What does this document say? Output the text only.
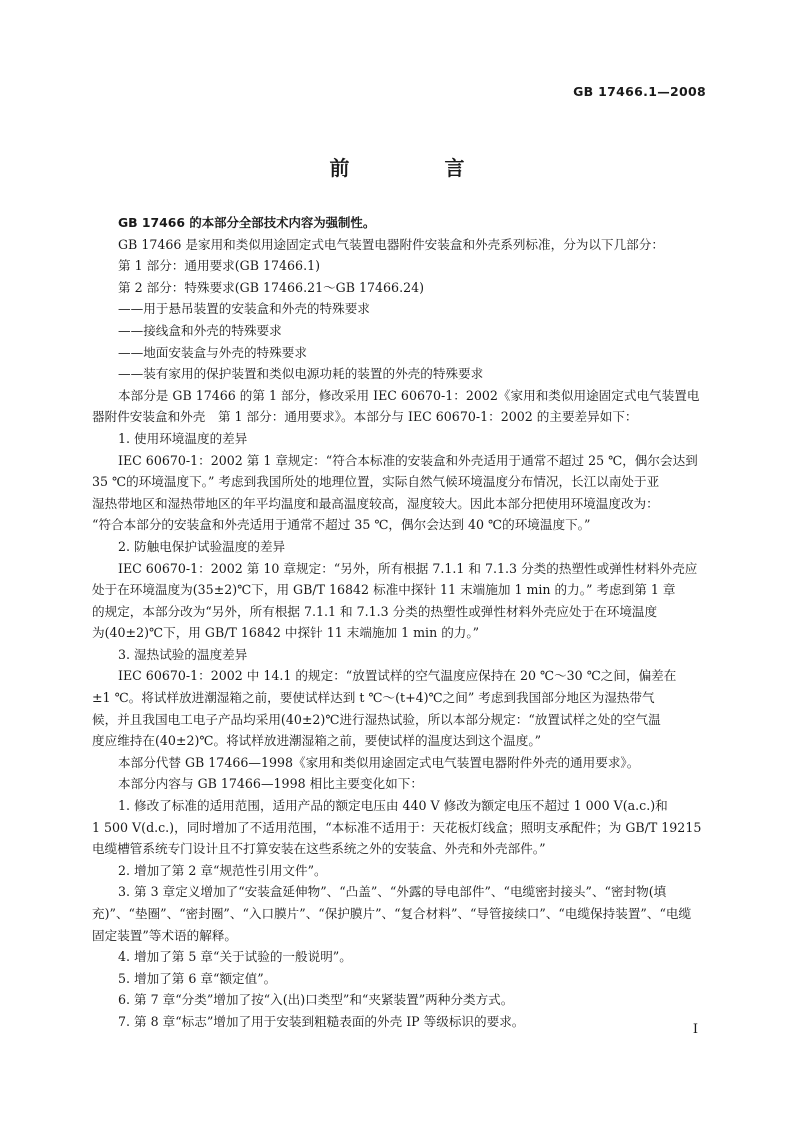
GB 17466.1—2008
前 言

GB 17466 的本部分全部技术内容为强制性。

GB 17466 是家用和类似用途固定式电气装置电器附件安装盒和外壳系列标准，分为以下几部分：

第 1 部分：通用要求(GB 17466.1)

第 2 部分：特殊要求(GB 17466.21～GB 17466.24)

——用于悬吊装置的安装盒和外壳的特殊要求

——接线盒和外壳的特殊要求

——地面安装盒与外壳的特殊要求

——装有家用的保护装置和类似电源功耗的装置的外壳的特殊要求

本部分是 GB 17466 的第 1 部分，修改采用 IEC 60670-1：2002《家用和类似用途固定式电气装置电

器附件安装盒和外壳　第 1 部分：通用要求》。本部分与 IEC 60670-1：2002 的主要差异如下：

1. 使用环境温度的差异

IEC 60670-1：2002 第 1 章规定：“符合本标准的安装盒和外壳适用于通常不超过 25 ℃，偶尔会达到

35 ℃的环境温度下。” 考虑到我国所处的地理位置，实际自然气候环境温度分布情况，长江以南处于亚

湿热带地区和湿热带地区的年平均温度和最高温度较高，湿度较大。因此本部分把使用环境温度改为：

“符合本部分的安装盒和外壳适用于通常不超过 35 ℃，偶尔会达到 40 ℃的环境温度下。”

2. 防触电保护试验温度的差异

IEC 60670-1：2002 第 10 章规定：“另外，所有根据 7.1.1 和 7.1.3 分类的热塑性或弹性材料外壳应

处于在环境温度为(35±2)℃下，用 GB/T 16842 标准中探针 11 末端施加 1 min 的力。” 考虑到第 1 章

的规定，本部分改为“另外，所有根据 7.1.1 和 7.1.3 分类的热塑性或弹性材料外壳应处于在环境温度

为(40±2)℃下，用 GB/T 16842 中探针 11 末端施加 1 min 的力。”

3. 湿热试验的温度差异

IEC 60670-1：2002 中 14.1 的规定：“放置试样的空气温度应保持在 20 ℃～30 ℃之间，偏差在

±1 ℃。将试样放进潮湿箱之前，要使试样达到 t ℃～(t+4)℃之间” 考虑到我国部分地区为湿热带气

候，并且我国电工电子产品均采用(40±2)℃进行湿热试验，所以本部分规定：“放置试样之处的空气温

度应维持在(40±2)℃。将试样放进潮湿箱之前，要使试样的温度达到这个温度。”

本部分代替 GB 17466—1998《家用和类似用途固定式电气装置电器附件外壳的通用要求》。

本部分内容与 GB 17466—1998 相比主要变化如下：

1. 修改了标准的适用范围，适用产品的额定电压由 440 V 修改为额定电压不超过 1 000 V(a.c.)和

1 500 V(d.c.)，同时增加了不适用范围，“本标准不适用于：天花板灯线盒；照明支承配件；为 GB/T 19215

电缆槽管系统专门设计且不打算安装在这些系统之外的安装盒、外壳和外壳部件。”

2. 增加了第 2 章“规范性引用文件”。

3. 第 3 章定义增加了“安装盒延伸物”、“凸盖”、“外露的导电部件”、“电缆密封接头”、“密封物(填

充)”、“垫圈”、“密封圈”、“入口膜片”、“保护膜片”、“复合材料”、“导管接续口”、“电缆保持装置”、“电缆

固定装置”等术语的解释。

4. 增加了第 5 章“关于试验的一般说明”。

5. 增加了第 6 章“额定值”。

6. 第 7 章“分类”增加了按“入(出)口类型”和“夹紧装置”两种分类方式。

7. 第 8 章“标志”增加了用于安装到粗糙表面的外壳 IP 等级标识的要求。

I
